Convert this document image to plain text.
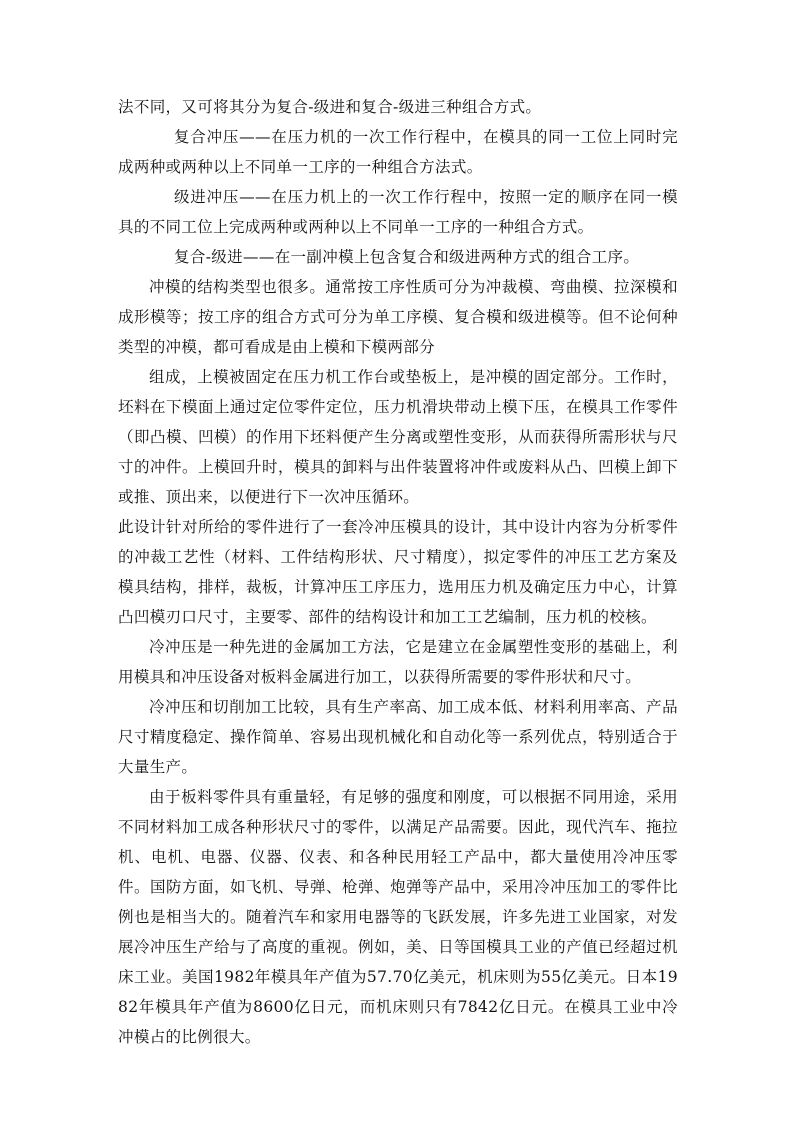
法不同，又可将其分为复合-级进和复合-级进三种组合方式。

复合冲压——在压力机的一次工作行程中，在模具的同一工位上同时完成两种或两种以上不同单一工序的一种组合方法式。

级进冲压——在压力机上的一次工作行程中，按照一定的顺序在同一模具的不同工位上完成两种或两种以上不同单一工序的一种组合方式。

复合-级进——在一副冲模上包含复合和级进两种方式的组合工序。

冲模的结构类型也很多。通常按工序性质可分为冲裁模、弯曲模、拉深模和成形模等；按工序的组合方式可分为单工序模、复合模和级进模等。但不论何种类型的冲模，都可看成是由上模和下模两部分

组成，上模被固定在压力机工作台或垫板上，是冲模的固定部分。工作时，坯料在下模面上通过定位零件定位，压力机滑块带动上模下压，在模具工作零件（即凸模、凹模）的作用下坯料便产生分离或塑性变形，从而获得所需形状与尺寸的冲件。上模回升时，模具的卸料与出件装置将冲件或废料从凸、凹模上卸下或推、顶出来，以便进行下一次冲压循环。

此设计针对所给的零件进行了一套冷冲压模具的设计，其中设计内容为分析零件的冲裁工艺性（材料、工件结构形状、尺寸精度），拟定零件的冲压工艺方案及模具结构，排样，裁板，计算冲压工序压力，选用压力机及确定压力中心，计算凸凹模刃口尺寸，主要零、部件的结构设计和加工工艺编制，压力机的校核。

冷冲压是一种先进的金属加工方法，它是建立在金属塑性变形的基础上，利用模具和冲压设备对板料金属进行加工，以获得所需要的零件形状和尺寸。

冷冲压和切削加工比较，具有生产率高、加工成本低、材料利用率高、产品尺寸精度稳定、操作简单、容易出现机械化和自动化等一系列优点，特别适合于大量生产。

由于板料零件具有重量轻，有足够的强度和刚度，可以根据不同用途，采用不同材料加工成各种形状尺寸的零件，以满足产品需要。因此，现代汽车、拖拉机、电机、电器、仪器、仪表、和各种民用轻工产品中，都大量使用冷冲压零件。国防方面，如飞机、导弹、枪弹、炮弹等产品中，采用冷冲压加工的零件比例也是相当大的。随着汽车和家用电器等的飞跃发展，许多先进工业国家，对发展冷冲压生产给与了高度的重视。例如，美、日等国模具工业的产值已经超过机床工业。美国1982年模具年产值为57.70亿美元，机床则为55亿美元。日本1982年模具年产值为8600亿日元，而机床则只有7842亿日元。在模具工业中冷冲模占的比例很大。
